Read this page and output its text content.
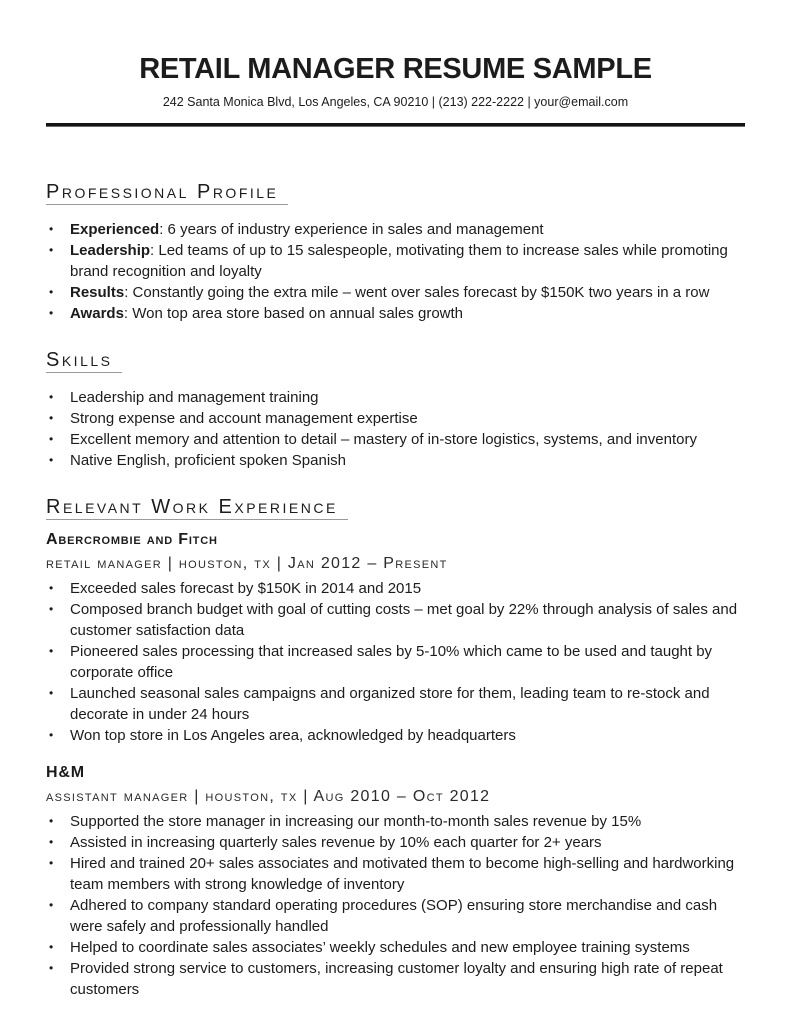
RETAIL MANAGER RESUME SAMPLE

242 Santa Monica Blvd, Los Angeles, CA 90210 | (213) 222-2222 | your@email.com

Professional Profile
• Experienced: 6 years of industry experience in sales and management
• Leadership: Led teams of up to 15 salespeople, motivating them to increase sales while promoting brand recognition and loyalty
• Results: Constantly going the extra mile – went over sales forecast by $150K two years in a row
• Awards: Won top area store based on annual sales growth
Skills
• Leadership and management training
• Strong expense and account management expertise
• Excellent memory and attention to detail – mastery of in-store logistics, systems, and inventory
• Native English, proficient spoken Spanish
Relevant Work Experience
Abercrombie and Fitch

retail manager | houston, tx | Jan 2012 – Present

• Exceeded sales forecast by $150K in 2014 and 2015
• Composed branch budget with goal of cutting costs – met goal by 22% through analysis of sales and customer satisfaction data
• Pioneered sales processing that increased sales by 5-10% which came to be used and taught by corporate office
• Launched seasonal sales campaigns and organized store for them, leading team to re-stock and decorate in under 24 hours
• Won top store in Los Angeles area, acknowledged by headquarters
H&M

assistant manager | houston, tx | Aug 2010 – Oct 2012

• Supported the store manager in increasing our month-to-month sales revenue by 15%
• Assisted in increasing quarterly sales revenue by 10% each quarter for 2+ years
• Hired and trained 20+ sales associates and motivated them to become high-selling and hardworking team members with strong knowledge of inventory
• Adhered to company standard operating procedures (SOP) ensuring store merchandise and cash were safely and professionally handled
• Helped to coordinate sales associates’ weekly schedules and new employee training systems
• Provided strong service to customers, increasing customer loyalty and ensuring high rate of repeat customers
